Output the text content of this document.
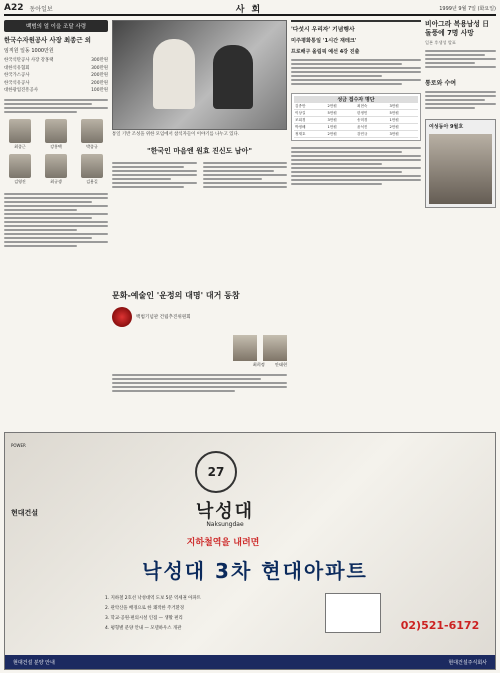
A22 동아일보	사 회	1999년 9월 7일 (화요일)
백범의 얼 이을 조달 사령
한국수자원공사 사장 최종근 외
임직원 일동 1000만원
한국석탄공사 사장 강홍택	300만원
대한석유협회	300만원
한국가스공사	200만원
한국석유공사	200만원
대한광업진흥공사	100만원
최종근	강홍택	박종규
김영진	최규생	김용길
통일 기반 조성을 위한 모임에서 참석자들이 이야기를 나누고 있다.
"한국인 마음엔 원효 진신도 남아"
문화-예술인 '운정의 대명' 대거 동참
백범기념관 건립추진위원회
최희정 안태현
'다섯시 우리자' 기념행사
미주평화통일 '1시간 재테크'
프로배구 올림픽 예선 4강 진출
성금 접수자 명단
김종만	2만원	최현숙	3만원
이상길	5만원	한정민	5만원
조희경	3만원	송미경	1만원
박정배	1만원	윤석진	2만원
정재호	2만원	강민규	3만원
비아그라 복용남성 日 돌풍에 7명 사망
일본 후생성 발표
통로와 수여
여성동아 9월호
POWER
현대건설
27
낙성대
Naksungdae
지하철역을 내려면
낙성대 3차 현대아파트
1. 지하철 2호선 낙성대역 도보 5분 역세권 아파트
2. 관악산을 배경으로 한 쾌적한 주거환경
3. 학교·공원·편의시설 인접 — 생활 편리
4. 평형별 분양 안내 — 모델하우스 개관	02)521-6172
현대건설 분양 안내	현대건설주식회사
